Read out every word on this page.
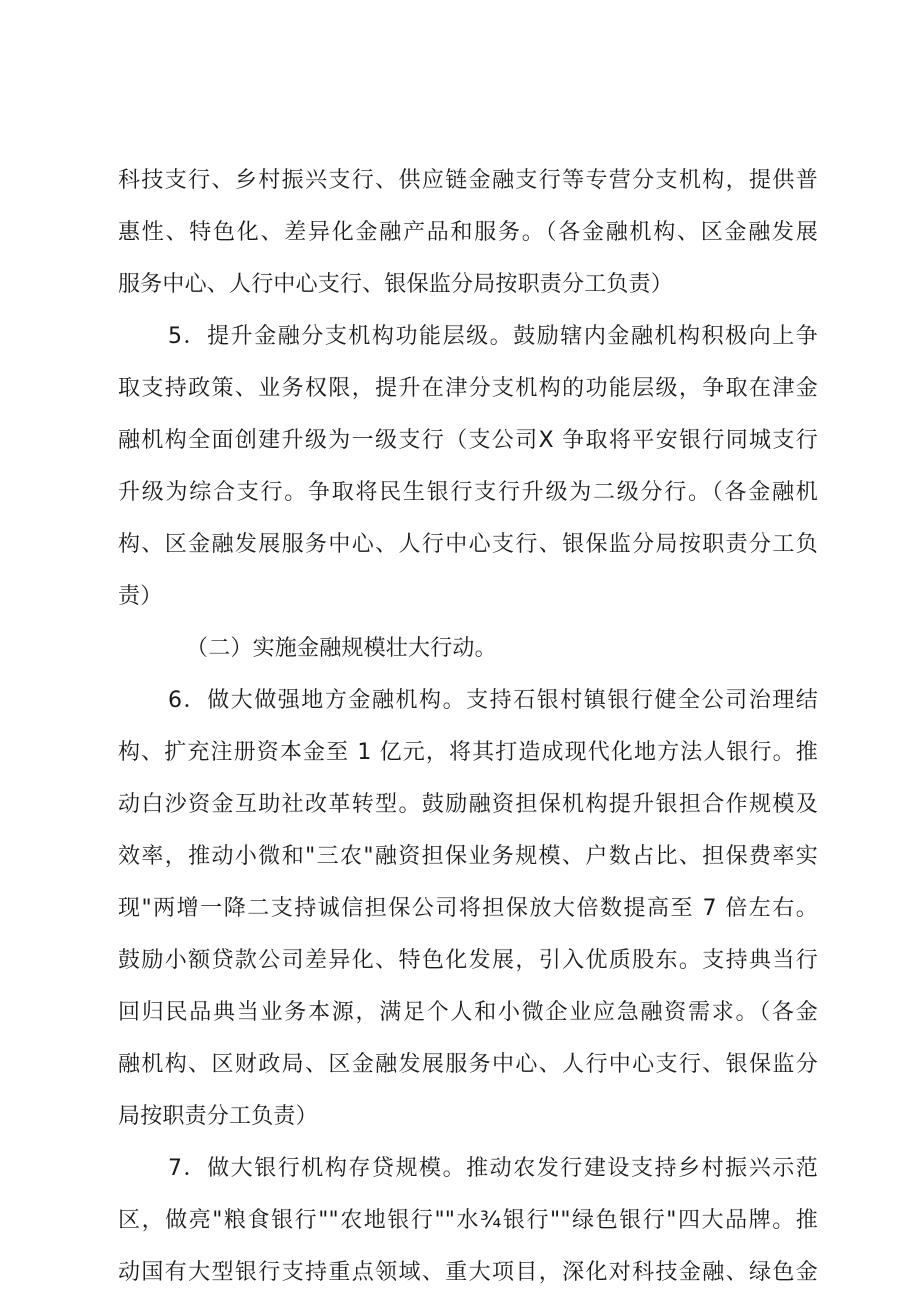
科技支行、乡村振兴支行、供应链金融支行等专营分支机构，提供普
惠性、特色化、差异化金融产品和服务。（各金融机构、区金融发展
服务中心、人行中心支行、银保监分局按职责分工负责）
5．提升金融分支机构功能层级。鼓励辖内金融机构积极向上争
取支持政策、业务权限，提升在津分支机构的功能层级，争取在津金
融机构全面创建升级为一级支行（支公司X 争取将平安银行同城支行
升级为综合支行。争取将民生银行支行升级为二级分行。（各金融机
构、区金融发展服务中心、人行中心支行、银保监分局按职责分工负
责）
（二）实施金融规模壮大行动。
6．做大做强地方金融机构。支持石银村镇银行健全公司治理结
构、扩充注册资本金至 1 亿元，将其打造成现代化地方法人银行。推
动白沙资金互助社改革转型。鼓励融资担保机构提升银担合作规模及
效率，推动小微和"三农"融资担保业务规模、户数占比、担保费率实
现"两增一降二支持诚信担保公司将担保放大倍数提高至 7 倍左右。
鼓励小额贷款公司差异化、特色化发展，引入优质股东。支持典当行
回归民品典当业务本源，满足个人和小微企业应急融资需求。（各金
融机构、区财政局、区金融发展服务中心、人行中心支行、银保监分
局按职责分工负责）
7．做大银行机构存贷规模。推动农发行建设支持乡村振兴示范
区，做亮"粮食银行""农地银行""水¾银行""绿色银行"四大品牌。推
动国有大型银行支持重点领域、重大项目，深化对科技金融、绿色金
